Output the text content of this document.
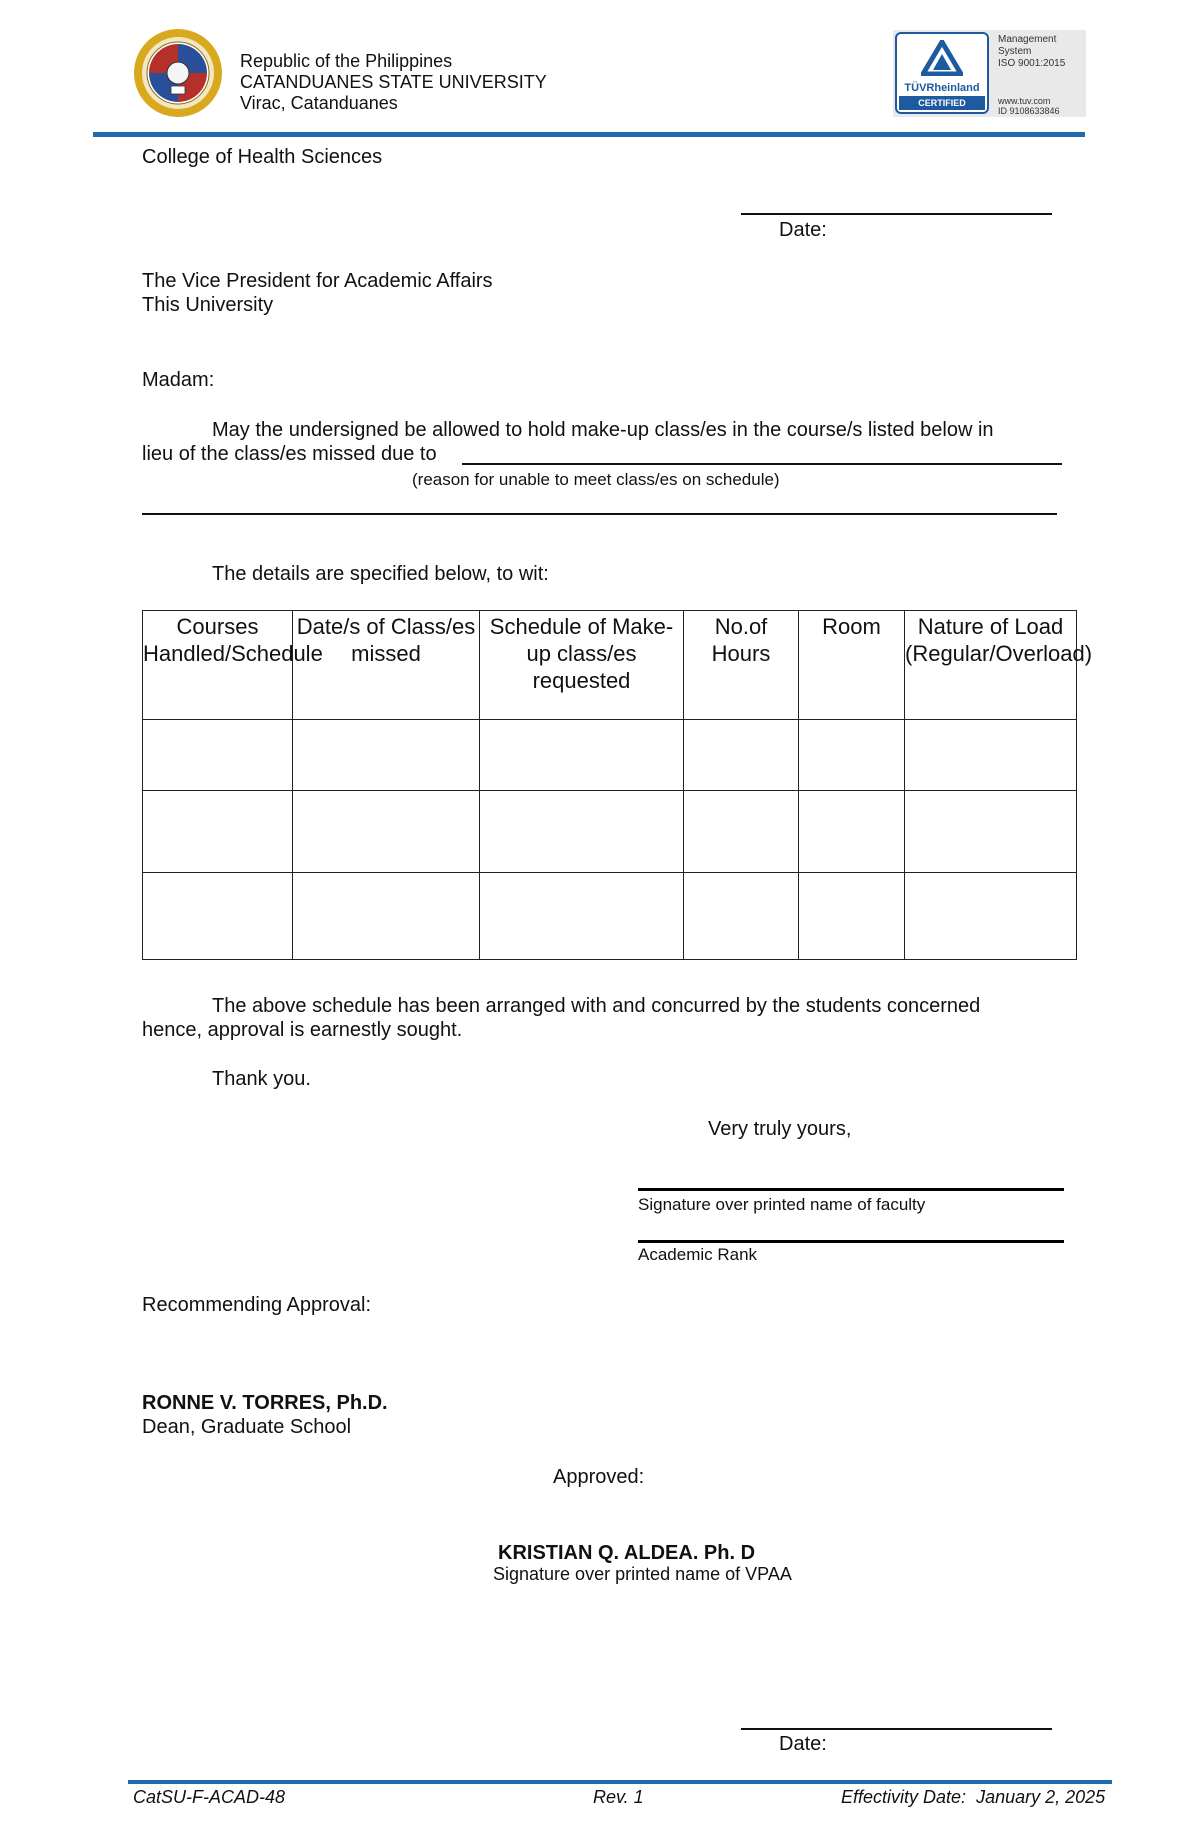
Republic of the Philippines
CATANDUANES STATE UNIVERSITY
Virac, Catanduanes
TÜVRheinland
CERTIFIED
Management
System
ISO 9001:2015
www.tuv.com
ID 9108633846
College of Health Sciences
Date:
The Vice President for Academic Affairs
This University
Madam:
May the undersigned be allowed to hold make-up class/es in the course/s listed below in
lieu of the class/es missed due to
(reason for unable to meet class/es on schedule)
The details are specified below, to wit:
Courses Handled/Schedule	Date/s of Class/es missed	Schedule of Make-up class/es requested	No.of Hours	Room	Nature of Load (Regular/Overload)

The above schedule has been arranged with and concurred by the students concerned
hence, approval is earnestly sought.
Thank you.
Very truly yours,
Signature over printed name of faculty
Academic Rank
Recommending Approval:
RONNE V. TORRES, Ph.D.
Dean, Graduate School
Approved:
KRISTIAN Q. ALDEA. Ph. D
Signature over printed name of VPAA
Date:
CatSU-F-ACAD-48	Rev. 1	Effectivity Date: January 2, 2025
